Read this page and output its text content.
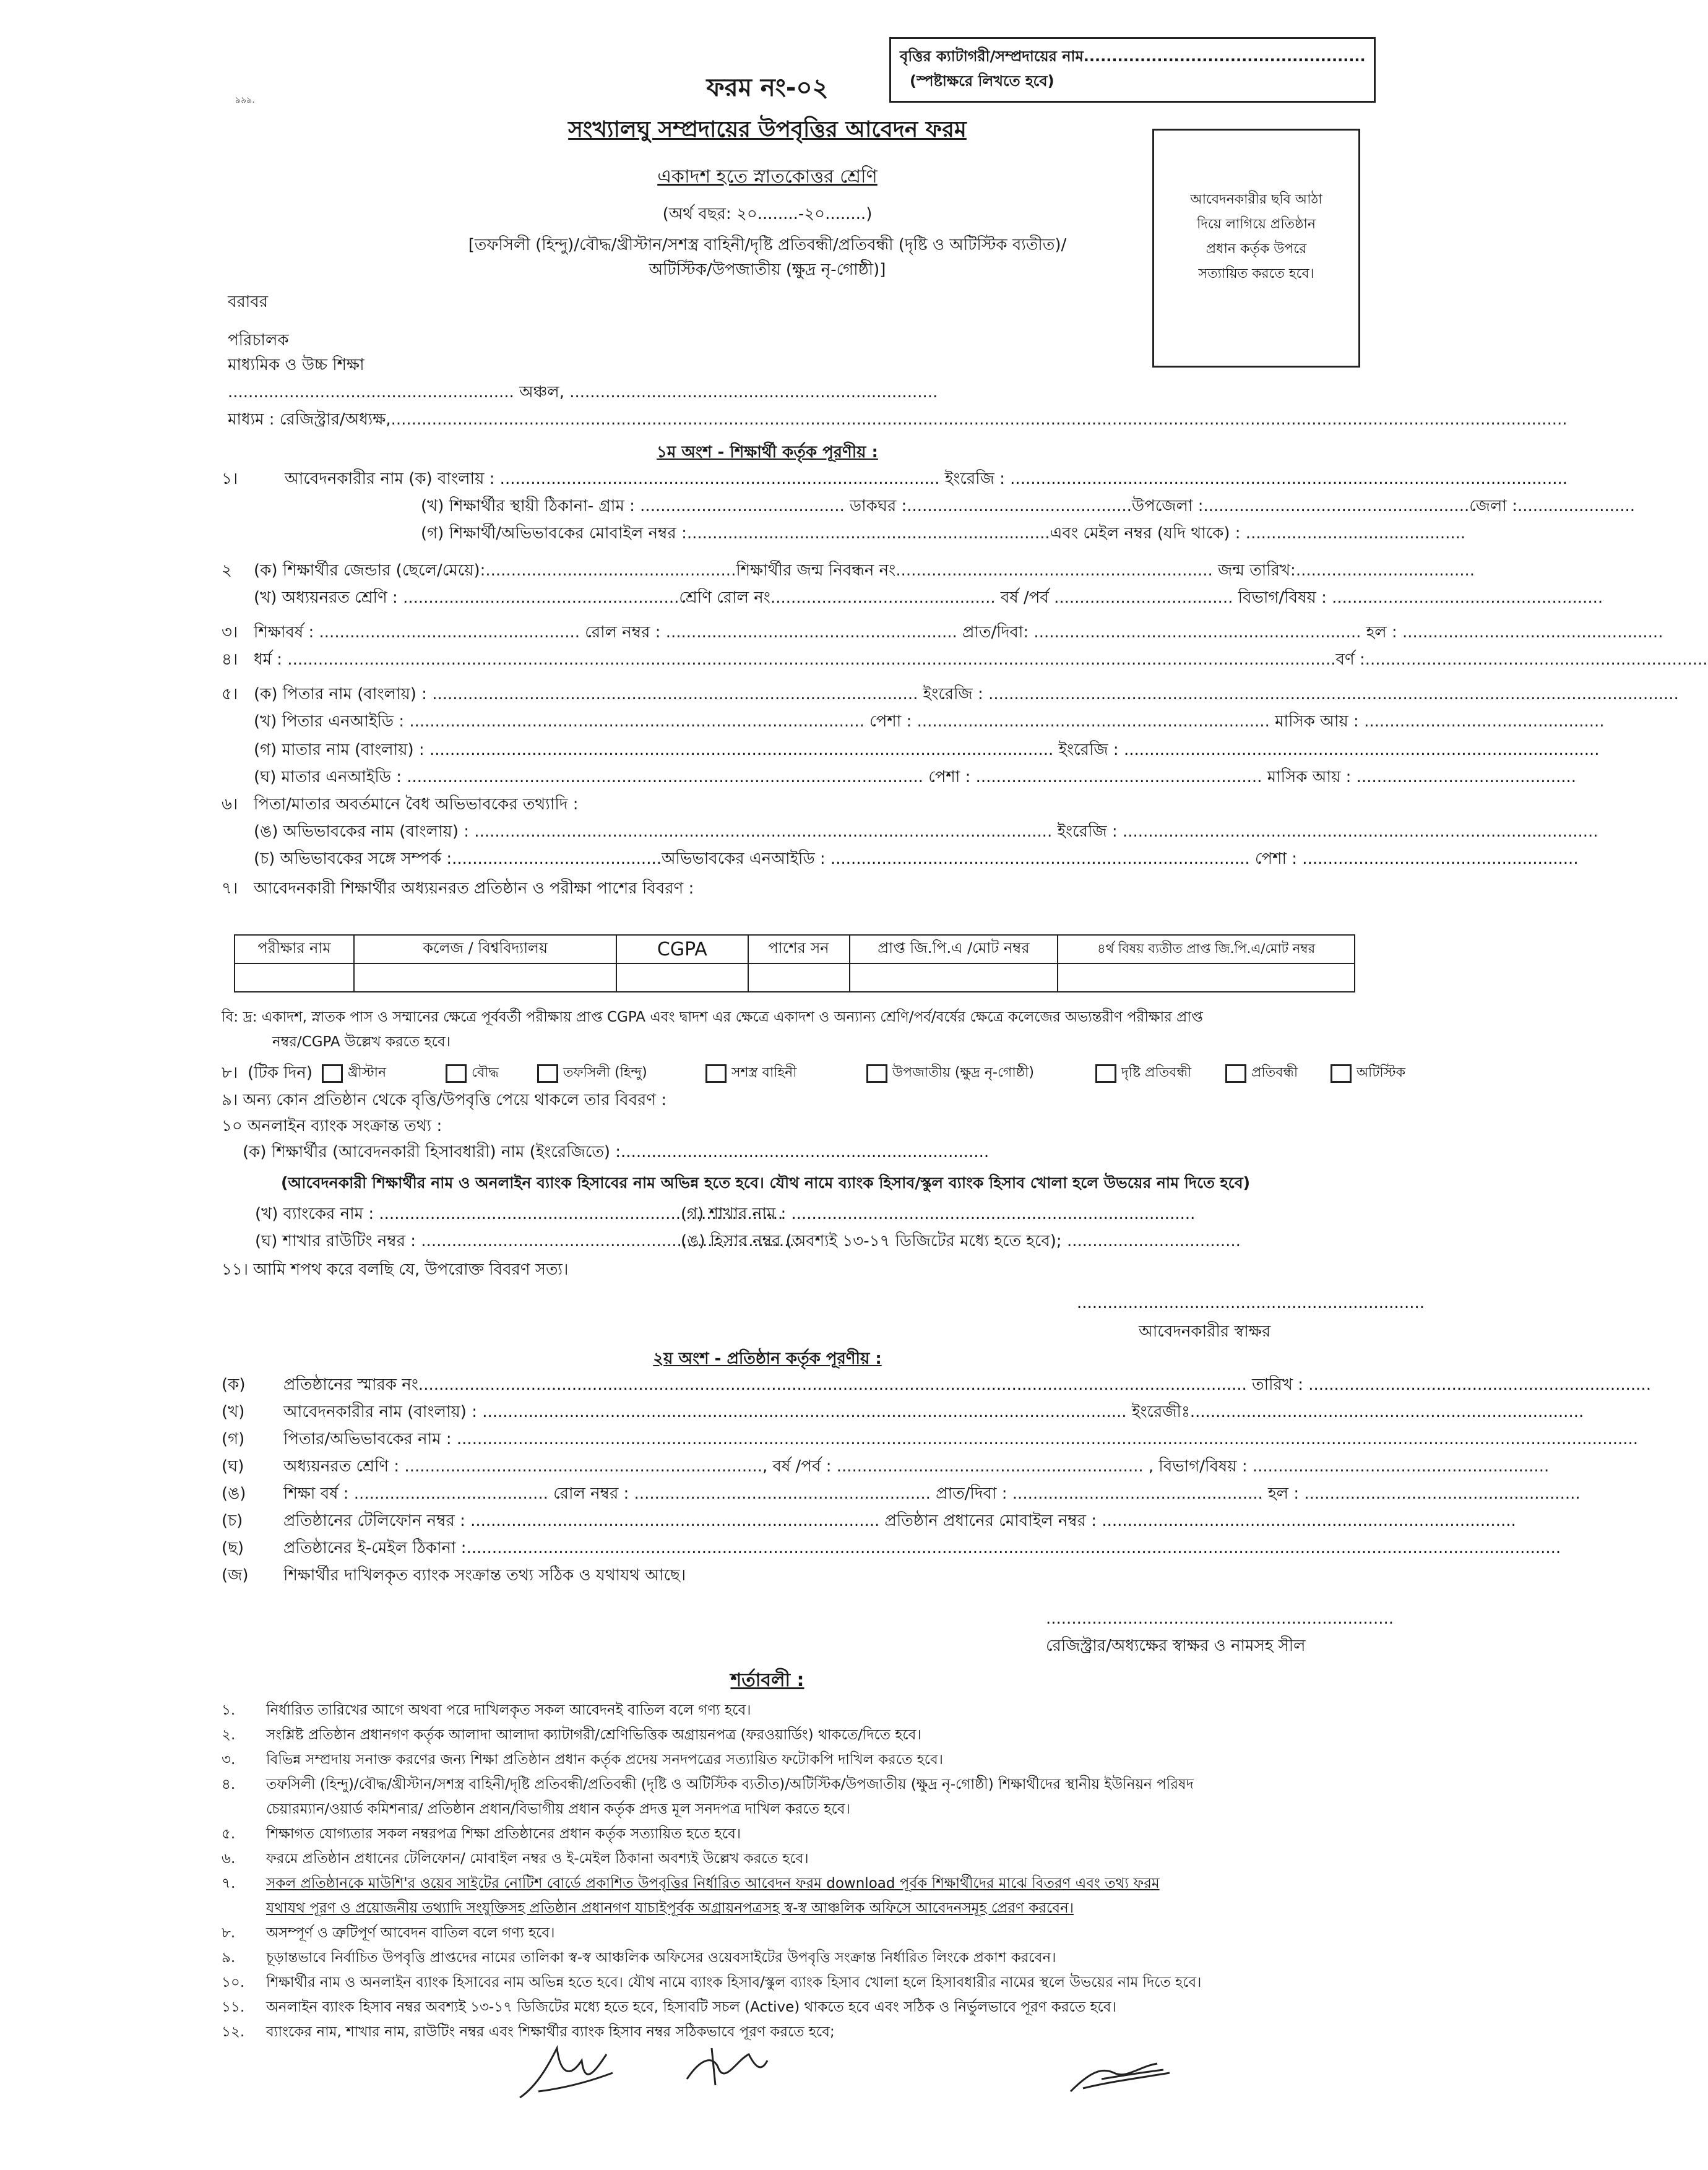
বৃত্তির ক্যাটাগরী/সম্প্রদায়ের নাম..................................................
(স্পষ্টাক্ষরে লিখতে হবে)
৯৯৯.	ফরম নং-০২
সংখ্যালঘু সম্প্রদায়ের উপবৃত্তির আবেদন ফরম
একাদশ হতে স্নাতকোত্তর শ্রেণি
(অর্থ বছর: ২০........-২০........)
[তফসিলী (হিন্দু)/বৌদ্ধ/খ্রীস্টান/সশস্ত্র বাহিনী/দৃষ্টি প্রতিবন্ধী/প্রতিবন্ধী (দৃষ্টি ও অটিস্টিক ব্যতীত)/
অটিস্টিক/উপজাতীয় (ক্ষুদ্র নৃ-গোষ্ঠী)]
আবেদনকারীর ছবি আঠা
দিয়ে লাগিয়ে প্রতিষ্ঠান
প্রধান কর্তৃক উপরে
সত্যায়িত করতে হবে।
বরাবর
পরিচালক
মাধ্যমিক ও উচ্চ শিক্ষা
........................................................ অঞ্চল, ........................................................................
মাধ্যম : রেজিস্ট্রার/অধ্যক্ষ,......................................................................................................................................................................................................................................
১ম অংশ - শিক্ষার্থী কর্তৃক পূরণীয় :
১।	আবেদনকারীর নাম (ক) বাংলায় : ...................................................................................... ইংরেজি : .............................................................................................................
(খ) শিক্ষার্থীর স্থায়ী ঠিকানা- গ্রাম : ........................................ ডাকঘর :............................................উপজেলা :....................................................জেলা :.......................
(গ) শিক্ষার্থী/অভিভাবকের মোবাইল নম্বর :.......................................................................এবং মেইল নম্বর (যদি থাকে) : ...........................................
২ (ক) শিক্ষার্থীর জেন্ডার (ছেলে/মেয়ে):.................................................শিক্ষার্থীর জন্ম নিবন্ধন নং.............................................................. জন্ম তারিখ:...................................
(খ) অধ্যয়নরত শ্রেণি : ......................................................শ্রেণি রোল নং............................................ বর্ষ /পর্ব ................................... বিভাগ/বিষয় : .....................................................
৩। শিক্ষাবর্ষ : ................................................... রোল নম্বর : ......................................................... প্রাত/দিবা: ................................................................ হল : ...................................................
৪। ধর্ম : .............................................................................................................................................................................................................বর্ণ :...................................................................
৫। (ক) পিতার নাম (বাংলায়) : ............................................................................................... ইংরেজি : .......................................................................................................................................
(খ) পিতার এনআইডি : ......................................................................................... পেশা : ..................................................................... মাসিক আয় : ...............................................
(গ) মাতার নাম (বাংলায়) : .......................................................................................................................... ইংরেজি : .............................................................................................
(ঘ) মাতার এনআইডি : ..................................................................................................... পেশা : ........................................................ মাসিক আয় : ...........................................
৬। পিতা/মাতার অবর্তমানে বৈধ অভিভাবকের তথ্যাদি :
(ঙ) অভিভাবকের নাম (বাংলায়) : ................................................................................................................. ইংরেজি : .............................................................................................
(চ) অভিভাবকের সঙ্গে সম্পর্ক :.........................................অভিভাবকের এনআইডি : .................................................................................. পেশা : ......................................................
৭। আবেদনকারী শিক্ষার্থীর অধ্যয়নরত প্রতিষ্ঠান ও পরীক্ষা পাশের বিবরণ :
পরীক্ষার নাম	কলেজ / বিশ্ববিদ্যালয়	CGPA	পাশের সন	প্রাপ্ত জি.পি.এ /মোট নম্বর	৪র্থ বিষয় ব্যতীত প্রাপ্ত জি.পি.এ/মোট নম্বর

বি: দ্র: একাদশ, স্নাতক পাস ও সম্মানের ক্ষেত্রে পূর্ববর্তী পরীক্ষায় প্রাপ্ত CGPA এবং দ্বাদশ এর ক্ষেত্রে একাদশ ও অন্যান্য শ্রেণি/পর্ব/বর্ষের ক্ষেত্রে কলেজের অভ্যন্তরীণ পরীক্ষার প্রাপ্ত
নম্বর/CGPA উল্লেখ করতে হবে।
৮। (টিক দিন)	খ্রীস্টান	বৌদ্ধ	তফসিলী (হিন্দু)	সশস্ত্র বাহিনী	উপজাতীয় (ক্ষুদ্র নৃ-গোষ্ঠী)	দৃষ্টি প্রতিবন্ধী	প্রতিবন্ধী	অটিস্টিক
৯। অন্য কোন প্রতিষ্ঠান থেকে বৃত্তি/উপবৃত্তি পেয়ে থাকলে তার বিবরণ :
১০ অনলাইন ব্যাংক সংক্রান্ত তথ্য :
(ক) শিক্ষার্থীর (আবেদনকারী হিসাবধারী) নাম (ইংরেজিতে) :........................................................................
(আবেদনকারী শিক্ষার্থীর নাম ও অনলাইন ব্যাংক হিসাবের নাম অভিন্ন হতে হবে। যৌথ নামে ব্যাংক হিসাব/স্কুল ব্যাংক হিসাব খোলা হলে উভয়ের নাম দিতে হবে)
(খ) ব্যাংকের নাম : ...............................................................................
(গ) শাখার নাম : ...............................................................................
(ঘ) শাখার রাউটিং নম্বর : ..........................................................................
(ঙ) হিসাব নম্বর (অবশ্যই ১৩-১৭ ডিজিটের মধ্যে হতে হবে); ..................................
১১। আমি শপথ করে বলছি যে, উপরোক্ত বিবরণ সত্য।
....................................................................
আবেদনকারীর স্বাক্ষর
২য় অংশ - প্রতিষ্ঠান কর্তৃক পূরণীয় :
(ক) প্রতিষ্ঠানের স্মারক নং.................................................................................................................................................................. তারিখ : ...................................................................
(খ) আবেদনকারীর নাম (বাংলায়) : .............................................................................................................................. ইংরেজীঃ.............................................................................
(গ) পিতার/অভিভাবকের নাম : .......................................................................................................................................................................................................................................
(ঘ) অধ্যয়নরত শ্রেণি : ......................................................................, বর্ষ /পর্ব : ............................................................ , বিভাগ/বিষয় : ..........................................................
(ঙ) শিক্ষা বর্ষ : ...................................... রোল নম্বর : .......................................................... প্রাত/দিবা : ................................................. হল : ......................................................
(চ)	প্রতিষ্ঠানের টেলিফোন নম্বর : ................................................................................ প্রতিষ্ঠান প্রধানের মোবাইল নম্বর : .................................................................................
(ছ) প্রতিষ্ঠানের ই-মেইল ঠিকানা :......................................................................................................................................................................................................................
(জ) শিক্ষার্থীর দাখিলকৃত ব্যাংক সংক্রান্ত তথ্য সঠিক ও যথাযথ আছে।
....................................................................
রেজিস্ট্রার/অধ্যক্ষের স্বাক্ষর ও নামসহ সীল
শর্তাবলী :
১. নির্ধারিত তারিখের আগে অথবা পরে দাখিলকৃত সকল আবেদনই বাতিল বলে গণ্য হবে।
২. সংশ্লিষ্ট প্রতিষ্ঠান প্রধানগণ কর্তৃক আলাদা আলাদা ক্যাটাগরী/শ্রেণিভিত্তিক অগ্রায়নপত্র (ফরওয়ার্ডিং) থাকতে/দিতে হবে।
৩. বিভিন্ন সম্প্রদায় সনাক্ত করণের জন্য শিক্ষা প্রতিষ্ঠান প্রধান কর্তৃক প্রদেয় সনদপত্রের সত্যায়িত ফটোকপি দাখিল করতে হবে।
৪. তফসিলী (হিন্দু)/বৌদ্ধ/খ্রীস্টান/সশস্ত্র বাহিনী/দৃষ্টি প্রতিবন্ধী/প্রতিবন্ধী (দৃষ্টি ও অটিস্টিক ব্যতীত)/অটিস্টিক/উপজাতীয় (ক্ষুদ্র নৃ-গোষ্ঠী) শিক্ষার্থীদের স্থানীয় ইউনিয়ন পরিষদ
চেয়ারম্যান/ওয়ার্ড কমিশনার/ প্রতিষ্ঠান প্রধান/বিভাগীয় প্রধান কর্তৃক প্রদত্ত মূল সনদপত্র দাখিল করতে হবে।
৫. শিক্ষাগত যোগ্যতার সকল নম্বরপত্র শিক্ষা প্রতিষ্ঠানের প্রধান কর্তৃক সত্যায়িত হতে হবে।
৬. ফরমে প্রতিষ্ঠান প্রধানের টেলিফোন/ মোবাইল নম্বর ও ই-মেইল ঠিকানা অবশ্যই উল্লেখ করতে হবে।
৭. সকল প্রতিষ্ঠানকে মাউশি'র ওয়েব সাইটের নোটিশ বোর্ডে প্রকাশিত উপবৃত্তির নির্ধারিত আবেদন ফরম download পূর্বক শিক্ষার্থীদের মাঝে বিতরণ এবং তথ্য ফরম
যথাযথ পূরণ ও প্রয়োজনীয় তথ্যাদি সংযুক্তিসহ প্রতিষ্ঠান প্রধানগণ যাচাইপূর্বক অগ্রায়নপত্রসহ স্ব-স্ব আঞ্চলিক অফিসে আবেদনসমূহ প্রেরণ করবেন।
৮. অসম্পূর্ণ ও ত্রুটিপূর্ণ আবেদন বাতিল বলে গণ্য হবে।
৯. চূড়ান্তভাবে নির্বাচিত উপবৃত্তি প্রাপ্তদের নামের তালিকা স্ব-স্ব আঞ্চলিক অফিসের ওয়েবসাইটের উপবৃত্তি সংক্রান্ত নির্ধারিত লিংকে প্রকাশ করবেন।
১০. শিক্ষার্থীর নাম ও অনলাইন ব্যাংক হিসাবের নাম অভিন্ন হতে হবে। যৌথ নামে ব্যাংক হিসাব/স্কুল ব্যাংক হিসাব খোলা হলে হিসাবধারীর নামের স্থলে উভয়ের নাম দিতে হবে।
১১. অনলাইন ব্যাংক হিসাব নম্বর অবশ্যই ১৩-১৭ ডিজিটের মধ্যে হতে হবে, হিসাবটি সচল (Active) থাকতে হবে এবং সঠিক ও নির্ভুলভাবে পূরণ করতে হবে।
১২. ব্যাংকের নাম, শাখার নাম, রাউটিং নম্বর এবং শিক্ষার্থীর ব্যাংক হিসাব নম্বর সঠিকভাবে পূরণ করতে হবে;
